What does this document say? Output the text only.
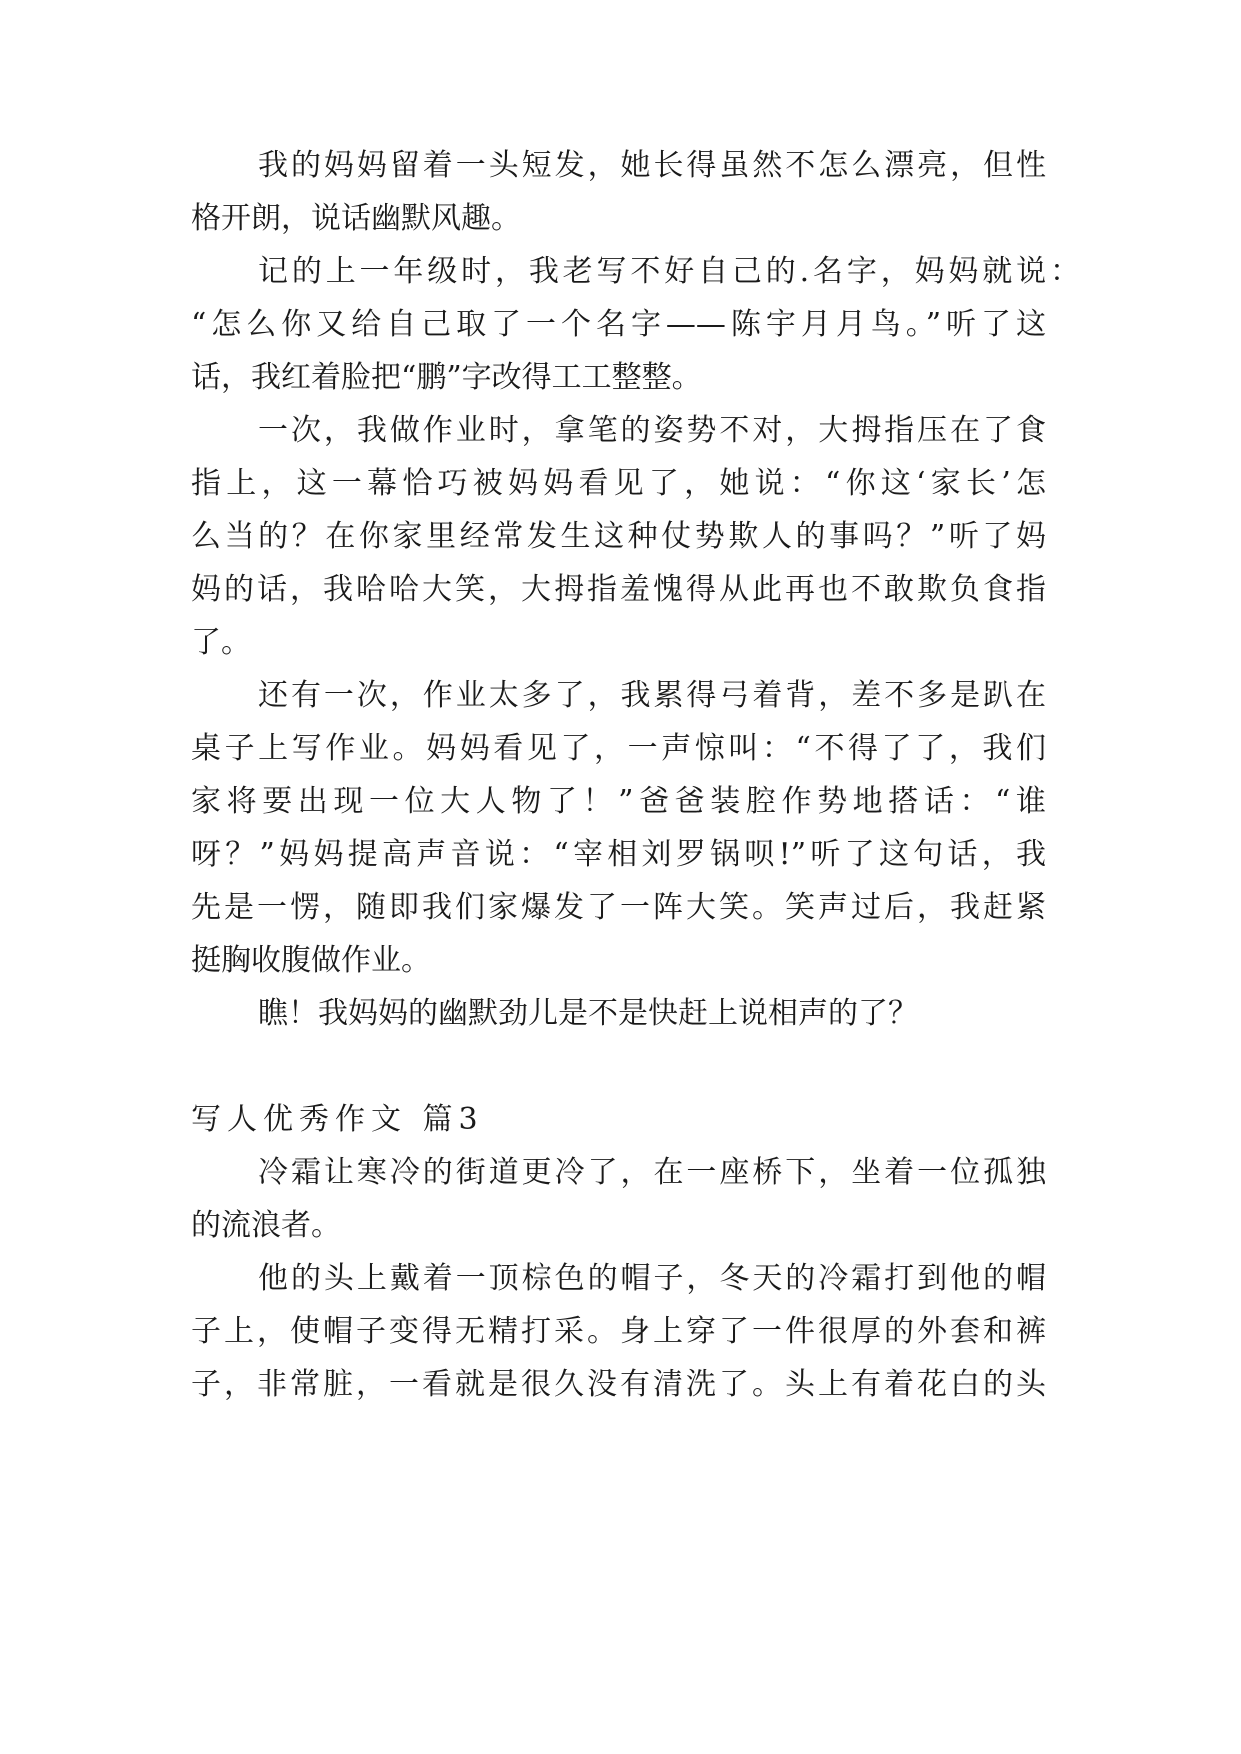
我的妈妈留着一头短发，她长得虽然不怎么漂亮，但性
格开朗，说话幽默风趣。
记的上一年级时，我老写不好自己的.名字，妈妈就说：
“怎么你又给自己取了一个名字——陈宇月月鸟。”听了这
话，我红着脸把“鹏”字改得工工整整。
一次，我做作业时，拿笔的姿势不对，大拇指压在了食
指上，这一幕恰巧被妈妈看见了，她说：“你这‘家长’怎
么当的？在你家里经常发生这种仗势欺人的事吗？”听了妈
妈的话，我哈哈大笑，大拇指羞愧得从此再也不敢欺负食指
了。
还有一次，作业太多了，我累得弓着背，差不多是趴在
桌子上写作业。妈妈看见了，一声惊叫：“不得了了，我们
家将要出现一位大人物了！”爸爸装腔作势地搭话：“谁
呀？”妈妈提高声音说：“宰相刘罗锅呗!”听了这句话，我
先是一愣，随即我们家爆发了一阵大笑。笑声过后，我赶紧
挺胸收腹做作业。
瞧！我妈妈的幽默劲儿是不是快赶上说相声的了？
写人优秀作文 篇3
冷霜让寒冷的街道更冷了，在一座桥下，坐着一位孤独
的流浪者。
他的头上戴着一顶棕色的帽子，冬天的冷霜打到他的帽
子上，使帽子变得无精打采。身上穿了一件很厚的外套和裤
子，非常脏，一看就是很久没有清洗了。头上有着花白的头
